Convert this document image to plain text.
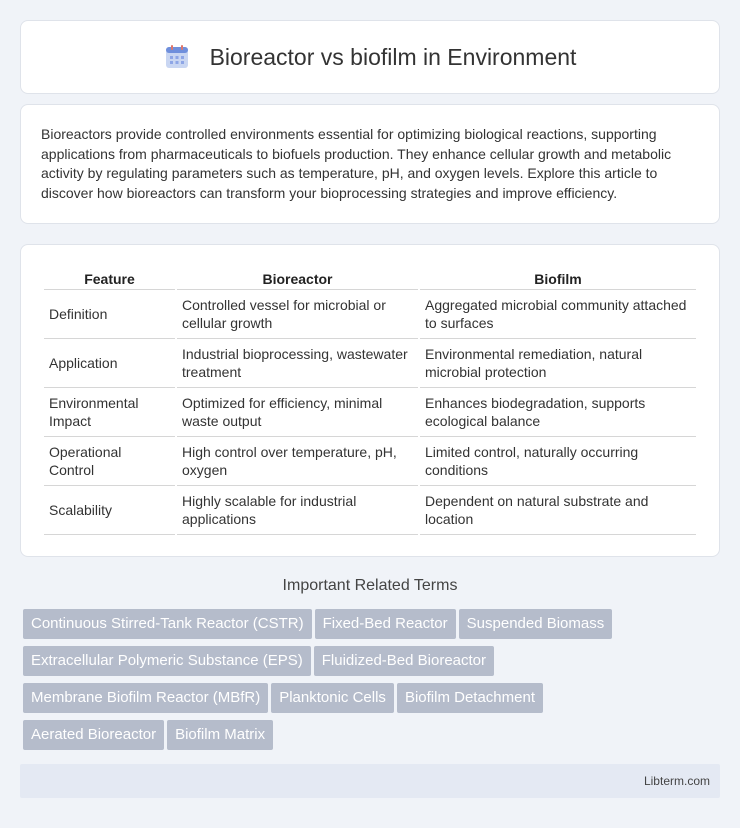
Bioreactor vs biofilm in Environment

Bioreactors provide controlled environments essential for optimizing biological reactions, supporting applications from pharmaceuticals to biofuels production. They enhance cellular growth and metabolic activity by regulating parameters such as temperature, pH, and oxygen levels. Explore this article to discover how bioreactors can transform your bioprocessing strategies and improve efficiency.

Feature	Bioreactor	Biofilm
Definition	Controlled vessel for microbial or cellular growth	Aggregated microbial community attached to surfaces
Application	Industrial bioprocessing, wastewater treatment	Environmental remediation, natural microbial protection
Environmental Impact	Optimized for efficiency, minimal waste output	Enhances biodegradation, supports ecological balance
Operational Control	High control over temperature, pH, oxygen	Limited control, naturally occurring conditions
Scalability	Highly scalable for industrial applications	Dependent on natural substrate and location
Important Related Terms
Continuous Stirred-Tank Reactor (CSTR) Fixed-Bed Reactor Suspended Biomass
Extracellular Polymeric Substance (EPS) Fluidized-Bed Bioreactor
Membrane Biofilm Reactor (MBfR) Planktonic Cells Biofilm Detachment
Aerated Bioreactor Biofilm Matrix
Libterm.com
